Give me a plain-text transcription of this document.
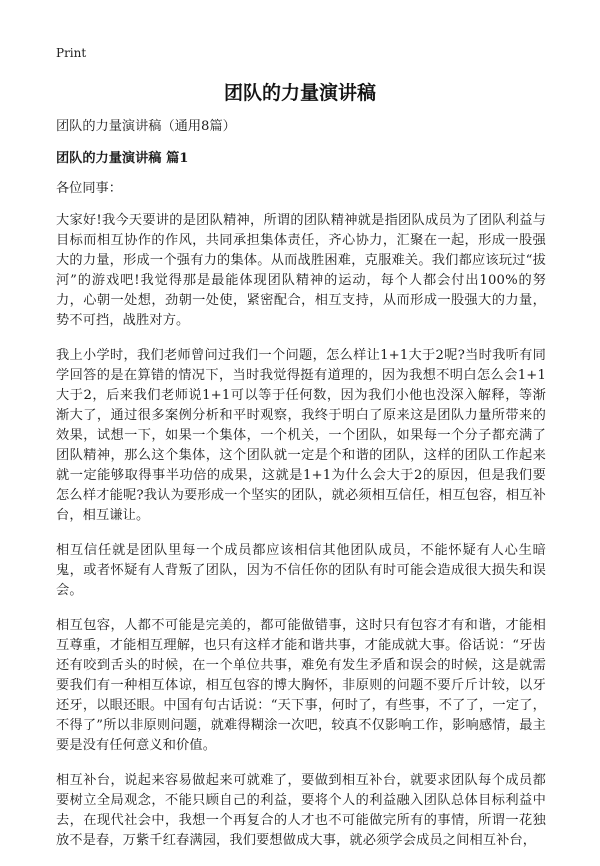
Print
团队的力量演讲稿

团队的力量演讲稿（通用8篇）

团队的力量演讲稿 篇1

各位同事：

大家好!我今天要讲的是团队精神，所谓的团队精神就是指团队成员为了团队利益与目标而相互协作的作风，共同承担集体责任，齐心协力，汇聚在一起，形成一股强大的力量，形成一个强有力的集体。从而战胜困难，克服难关。我们都应该玩过“拔河”的游戏吧!我觉得那是最能体现团队精神的运动，每个人都会付出100%的努力，心朝一处想，劲朝一处使，紧密配合，相互支持，从而形成一股强大的力量，势不可挡，战胜对方。

我上小学时，我们老师曾问过我们一个问题，怎么样让1+1大于2呢?当时我听有同学回答的是在算错的情况下，当时我觉得挺有道理的，因为我想不明白怎么会1+1大于2，后来我们老师说1+1可以等于任何数，因为我们小他也没深入解释，等渐渐大了，通过很多案例分析和平时观察，我终于明白了原来这是团队力量所带来的效果，试想一下，如果一个集体，一个机关，一个团队，如果每一个分子都充满了团队精神，那么这个集体，这个团队就一定是个和谐的团队，这样的团队工作起来就一定能够取得事半功倍的成果，这就是1+1为什么会大于2的原因，但是我们要怎么样才能呢?我认为要形成一个坚实的团队，就必须相互信任，相互包容，相互补台，相互谦让。

相互信任就是团队里每一个成员都应该相信其他团队成员，不能怀疑有人心生暗鬼，或者怀疑有人背叛了团队，因为不信任你的团队有时可能会造成很大损失和误会。

相互包容，人都不可能是完美的，都可能做错事，这时只有包容才有和谐，才能相互尊重，才能相互理解，也只有这样才能和谐共事，才能成就大事。俗话说：“牙齿还有咬到舌头的时候，在一个单位共事，难免有发生矛盾和误会的时候，这是就需要我们有一种相互体谅，相互包容的博大胸怀，非原则的问题不要斤斤计较，以牙还牙，以眼还眼。中国有句古话说：“天下事，何时了，有些事，不了了，一定了，不得了”所以非原则问题，就难得糊涂一次吧，较真不仅影响工作，影响感情，最主要是没有任何意义和价值。

相互补台，说起来容易做起来可就难了，要做到相互补台，就要求团队每个成员都要树立全局观念，不能只顾自己的利益，要将个人的利益融入团队总体目标利益中去，在现代社会中，我想一个再复合的人才也不可能做完所有的事情，所谓一花独放不是春，万紫千红春满园，我们要想做成大事，就必须学会成员之间相互补台，
